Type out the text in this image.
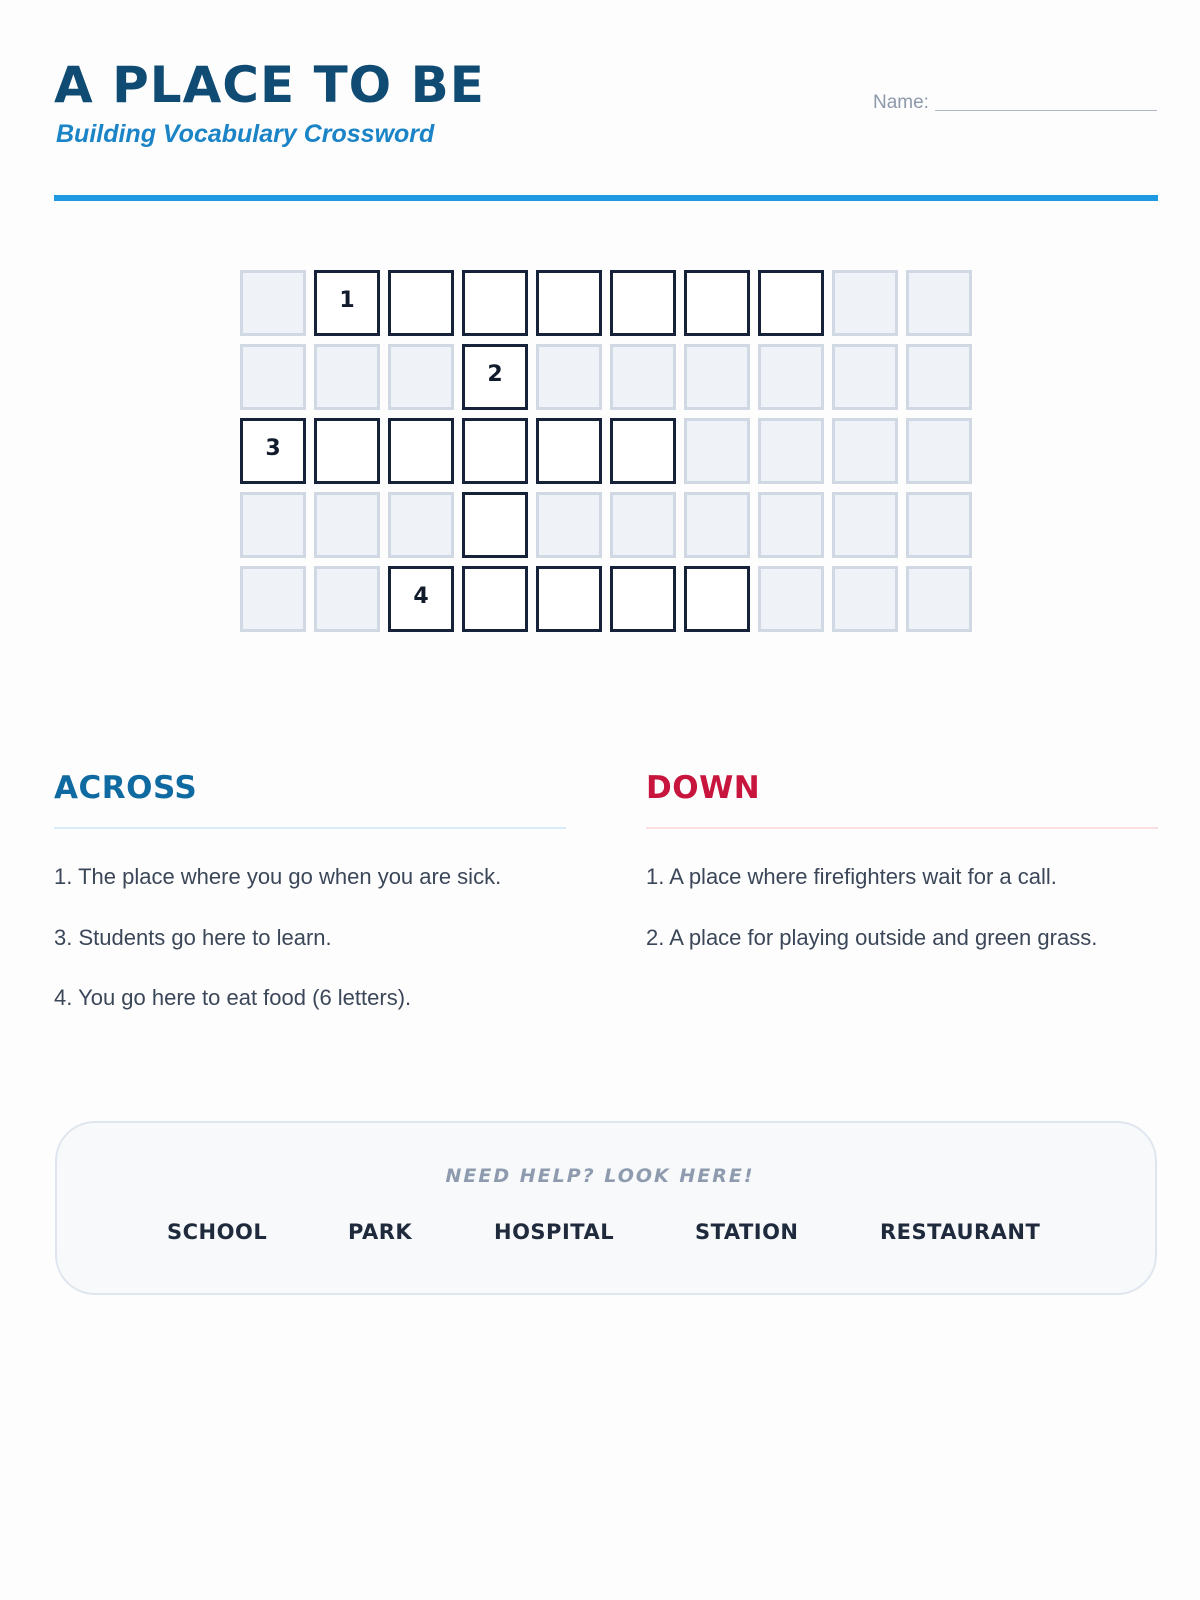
A PLACE TO BE
Building Vocabulary Crossword
Name:
1
2
3
4
ACROSS
1. The place where you go when you are sick.
3. Students go here to learn.
4. You go here to eat food (6 letters).
DOWN
1. A place where firefighters wait for a call.
2. A place for playing outside and green grass.
NEED HELP? LOOK HERE!
SCHOOL	PARK	HOSPITAL	STATION	RESTAURANT
